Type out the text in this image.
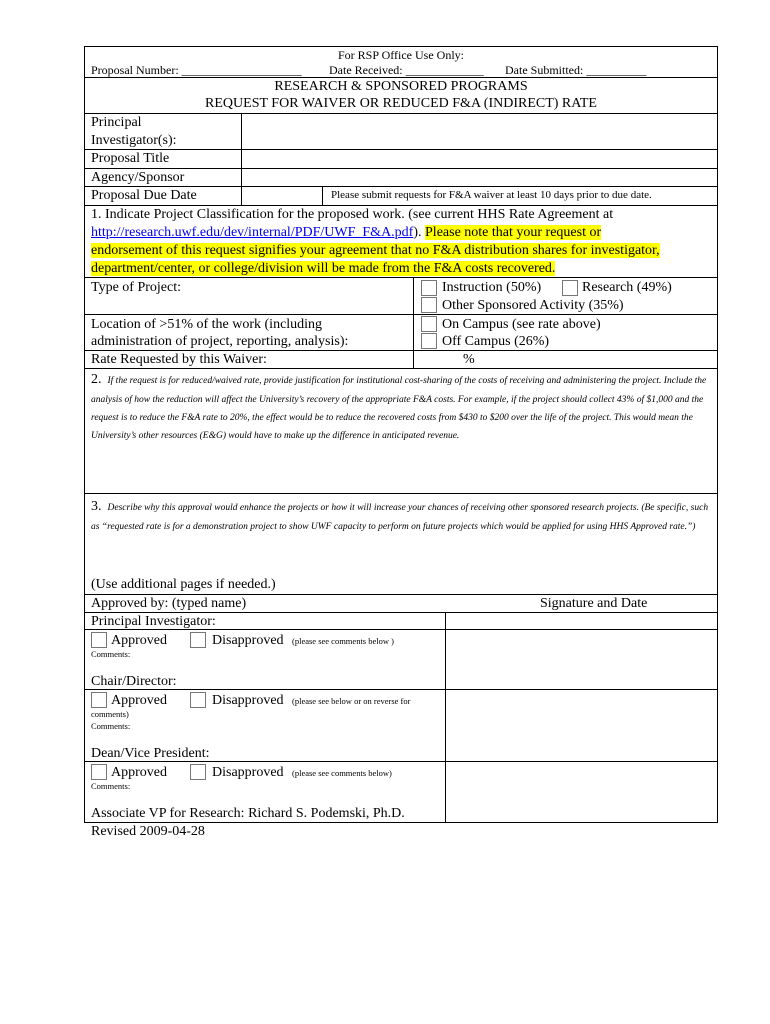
For RSP Office Use Only:
Proposal Number: ____________________ Date Received: _____________ Date Submitted: __________
RESEARCH & SPONSORED PROGRAMS
REQUEST FOR WAIVER OR REDUCED F&A (INDIRECT) RATE
Principal
Investigator(s):
Proposal Title
Agency/Sponsor
Proposal Due Date	Please submit requests for F&A waiver at least 10 days prior to due date.
1. Indicate Project Classification for the proposed work. (see current HHS Rate Agreement at
http://research.uwf.edu/dev/internal/PDF/UWF_F&A.pdf). Please note that your request or
endorsement of this request signifies your agreement that no F&A distribution shares for investigator,
department/center, or college/division will be made from the F&A costs recovered.
Type of Project:	Instruction (50%)	Research (49%)
Other Sponsored Activity (35%)
Location of >51% of the work (including
administration of project, reporting, analysis):
On Campus (see rate above)
Off Campus (26%)
Rate Requested by this Waiver:	%
2. If the request is for reduced/waived rate, provide justification for institutional cost-sharing of the costs of receiving and administering the project. Include the analysis of how the reduction will affect the University’s recovery of the appropriate F&A costs. For example, if the project should collect 43% of $1,000 and the request is to reduce the F&A rate to 20%, the effect would be to reduce the recovered costs from $430 to $200 over the life of the project. This would mean the University’s other resources (E&G) would have to make up the difference in anticipated revenue.
3. Describe why this approval would enhance the projects or how it will increase your chances of receiving other sponsored research projects. (Be specific, such as “requested rate is for a demonstration project to show UWF capacity to perform on future projects which would be applied for using HHS Approved rate.”)
(Use additional pages if needed.)
Approved by: (typed name)	Signature and Date
Principal Investigator:
Approved	Disapproved (please see comments below )
Comments:
Chair/Director:
Approved	Disapproved (please see below or on reverse for
comments)
Comments:
Dean/Vice President:
Approved	Disapproved (please see comments below)
Comments:
Associate VP for Research: Richard S. Podemski, Ph.D.
Revised 2009-04-28
